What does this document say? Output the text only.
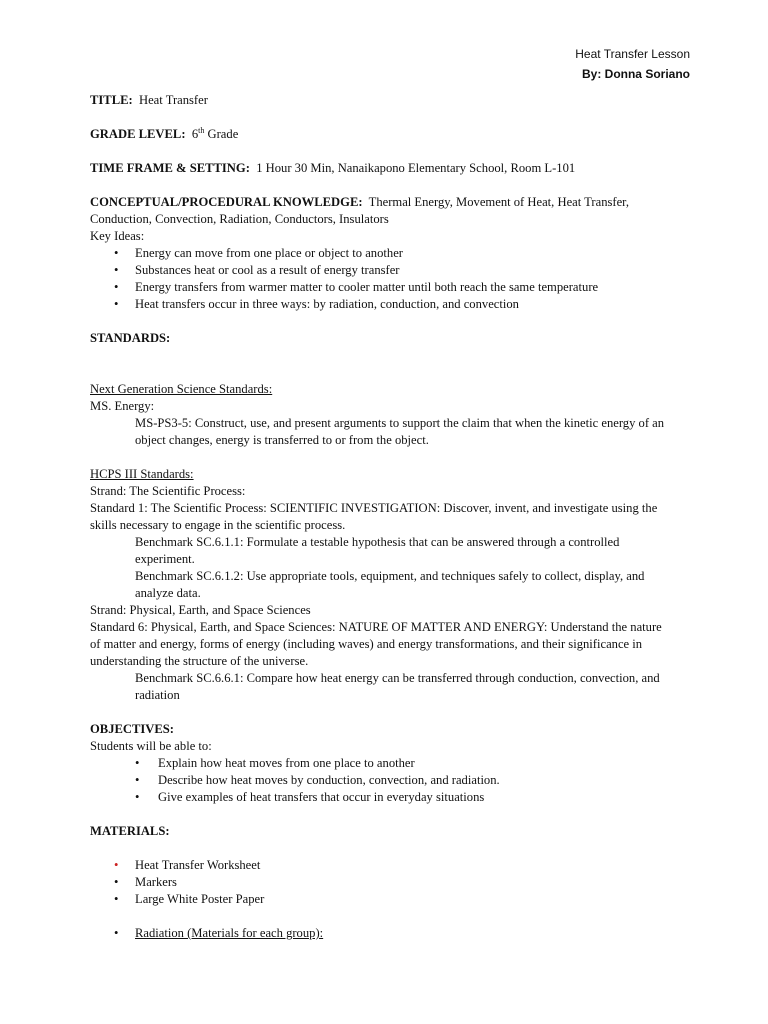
Heat Transfer Lesson
By: Donna Soriano

TITLE: Heat Transfer

GRADE LEVEL: 6th Grade

TIME FRAME & SETTING: 1 Hour 30 Min, Nanaikapono Elementary School, Room L-101

CONCEPTUAL/PROCEDURAL KNOWLEDGE: Thermal Energy, Movement of Heat, Heat Transfer,

Conduction, Convection, Radiation, Conductors, Insulators

Key Ideas:

• Energy can move from one place or object to another
• Substances heat or cool as a result of energy transfer
• Energy transfers from warmer matter to cooler matter until both reach the same temperature
• Heat transfers occur in three ways: by radiation, conduction, and convection

STANDARDS:

Next Generation Science Standards:

MS. Energy:

MS-PS3-5: Construct, use, and present arguments to support the claim that when the kinetic energy of an

object changes, energy is transferred to or from the object.

HCPS III Standards:

Strand: The Scientific Process:

Standard 1: The Scientific Process: SCIENTIFIC INVESTIGATION: Discover, invent, and investigate using the

skills necessary to engage in the scientific process.

Benchmark SC.6.1.1: Formulate a testable hypothesis that can be answered through a controlled

experiment.

Benchmark SC.6.1.2: Use appropriate tools, equipment, and techniques safely to collect, display, and

analyze data.

Strand: Physical, Earth, and Space Sciences

Standard 6: Physical, Earth, and Space Sciences: NATURE OF MATTER AND ENERGY: Understand the nature

of matter and energy, forms of energy (including waves) and energy transformations, and their significance in

understanding the structure of the universe.

Benchmark SC.6.6.1: Compare how heat energy can be transferred through conduction, convection, and

radiation

OBJECTIVES:

Students will be able to:

• Explain how heat moves from one place to another
• Describe how heat moves by conduction, convection, and radiation.
• Give examples of heat transfers that occur in everyday situations

MATERIALS:

• Heat Transfer Worksheet
• Markers
• Large White Poster Paper
• Radiation (Materials for each group):
